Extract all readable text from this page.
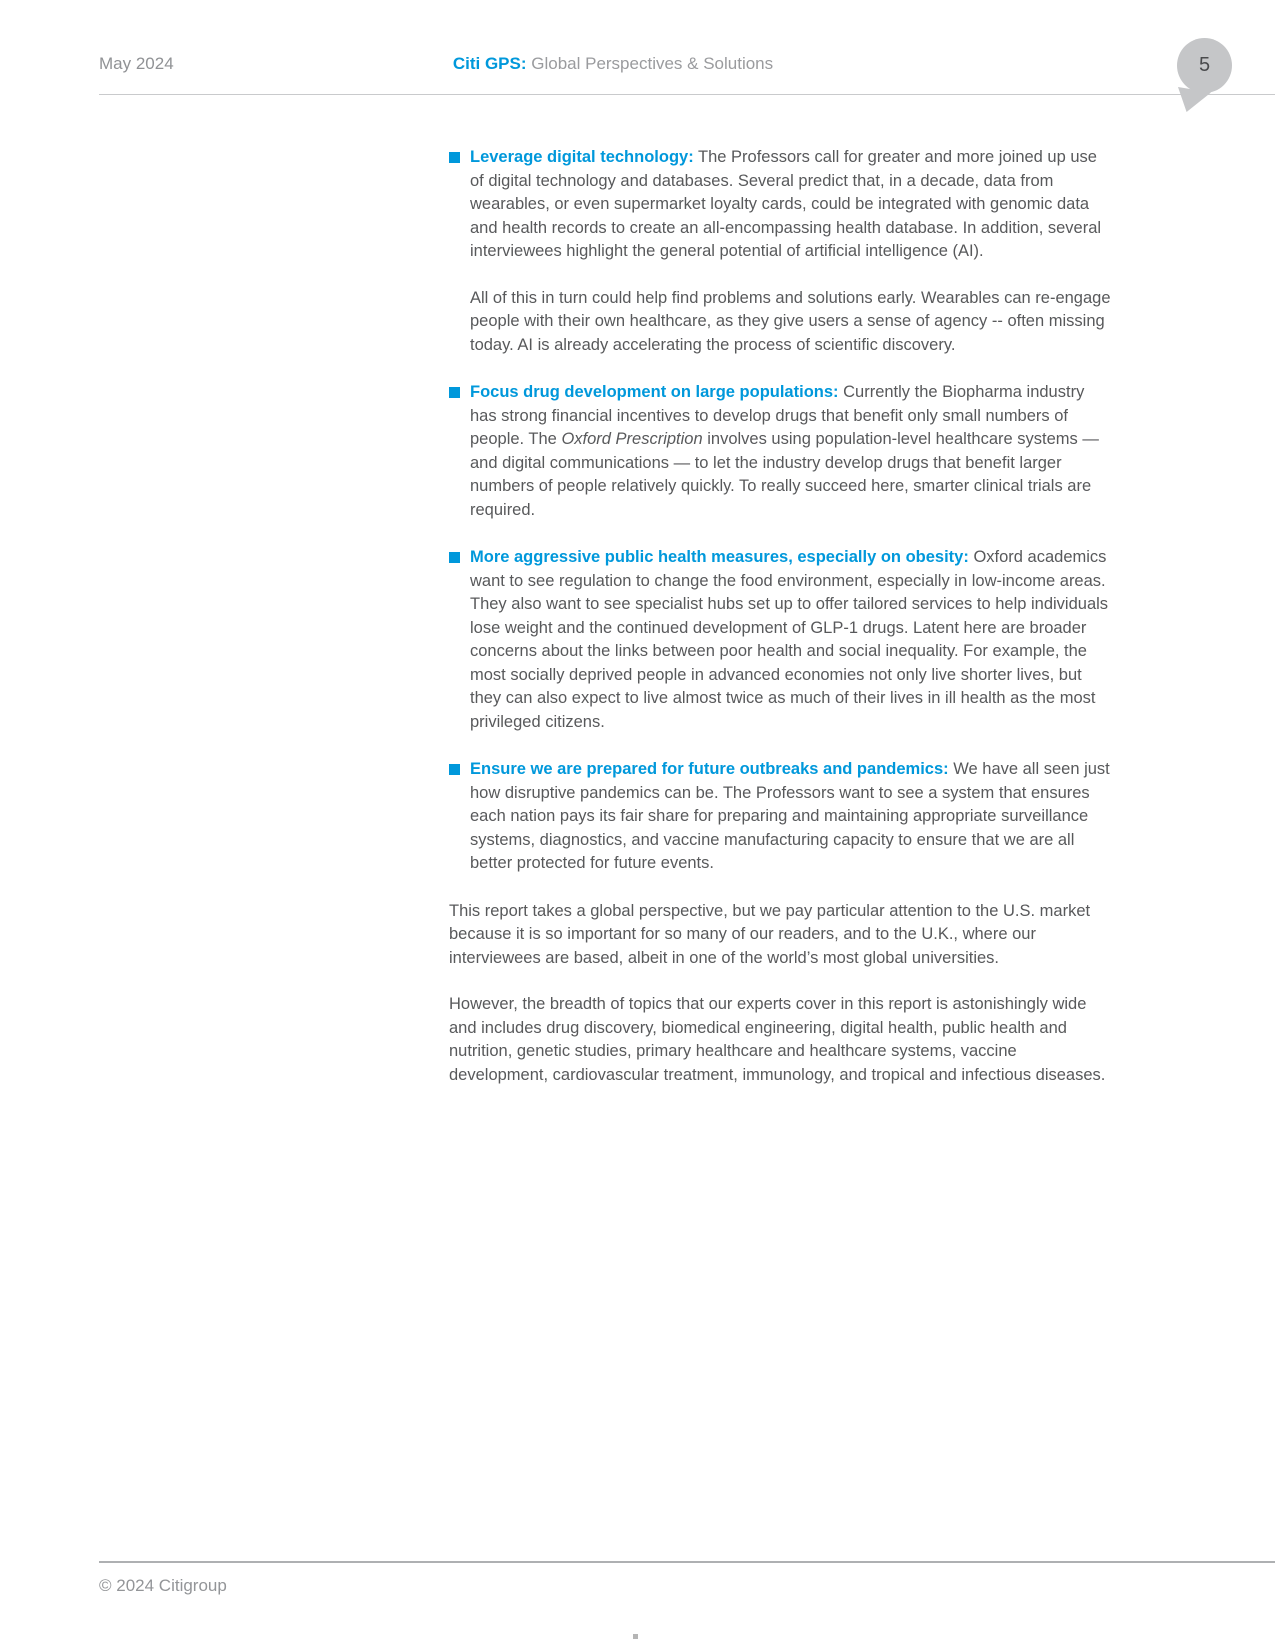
May 2024	Citi GPS: Global Perspectives & Solutions	5
Leverage digital technology: The Professors call for greater and more joined up use of digital technology and databases. Several predict that, in a decade, data from wearables, or even supermarket loyalty cards, could be integrated with genomic data and health records to create an all-encompassing health database. In addition, several interviewees highlight the general potential of artificial intelligence (AI).
All of this in turn could help find problems and solutions early. Wearables can re-engage people with their own healthcare, as they give users a sense of agency -- often missing today. AI is already accelerating the process of scientific discovery.
Focus drug development on large populations: Currently the Biopharma industry has strong financial incentives to develop drugs that benefit only small numbers of people. The Oxford Prescription involves using population-level healthcare systems — and digital communications — to let the industry develop drugs that benefit larger numbers of people relatively quickly. To really succeed here, smarter clinical trials are required.
More aggressive public health measures, especially on obesity: Oxford academics want to see regulation to change the food environment, especially in low-income areas. They also want to see specialist hubs set up to offer tailored services to help individuals lose weight and the continued development of GLP-1 drugs. Latent here are broader concerns about the links between poor health and social inequality. For example, the most socially deprived people in advanced economies not only live shorter lives, but they can also expect to live almost twice as much of their lives in ill health as the most privileged citizens.
Ensure we are prepared for future outbreaks and pandemics: We have all seen just how disruptive pandemics can be. The Professors want to see a system that ensures each nation pays its fair share for preparing and maintaining appropriate surveillance systems, diagnostics, and vaccine manufacturing capacity to ensure that we are all better protected for future events.
This report takes a global perspective, but we pay particular attention to the U.S. market because it is so important for so many of our readers, and to the U.K., where our interviewees are based, albeit in one of the world’s most global universities.
However, the breadth of topics that our experts cover in this report is astonishingly wide and includes drug discovery, biomedical engineering, digital health, public health and nutrition, genetic studies, primary healthcare and healthcare systems, vaccine development, cardiovascular treatment, immunology, and tropical and infectious diseases.
© 2024 Citigroup
